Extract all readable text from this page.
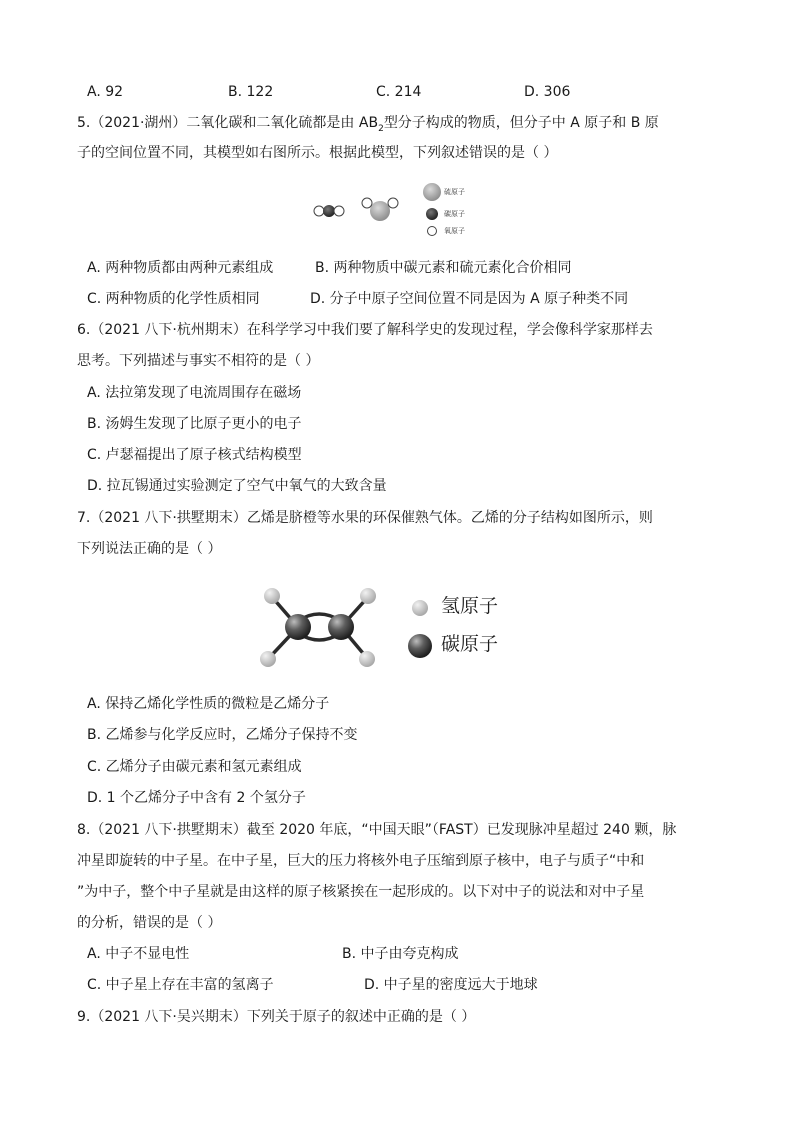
A. 92	B. 122	C. 214	D. 306
5.（2021·湖州）二氧化碳和二氧化硫都是由 $AB_2$型分子构成的物质，但分子中 A 原子和 B 原
子的空间位置不同，其模型如右图所示。根据此模型，下列叙述错误的是（ ）
硫原子
碳原子
氧原子
A. 两种物质都由两种元素组成	B. 两种物质中碳元素和硫元素化合价相同
C. 两种物质的化学性质相同	D. 分子中原子空间位置不同是因为 A 原子种类不同
6.（2021 八下·杭州期末）在科学学习中我们要了解科学史的发现过程，学会像科学家那样去
思考。下列描述与事实不相符的是（ ）
A. 法拉第发现了电流周围存在磁场
B. 汤姆生发现了比原子更小的电子
C. 卢瑟福提出了原子核式结构模型
D. 拉瓦锡通过实验测定了空气中氧气的大致含量
7.（2021 八下·拱墅期末）乙烯是脐橙等水果的环保催熟气体。乙烯的分子结构如图所示，则
下列说法正确的是（ ）
氢原子
碳原子
A. 保持乙烯化学性质的微粒是乙烯分子
B. 乙烯参与化学反应时，乙烯分子保持不变
C. 乙烯分子由碳元素和氢元素组成
D. 1 个乙烯分子中含有 2 个氢分子
8.（2021 八下·拱墅期末）截至 2020 年底，“中国天眼”（FAST）已发现脉冲星超过 240 颗，脉
冲星即旋转的中子星。在中子星，巨大的压力将核外电子压缩到原子核中，电子与质子“中和
”为中子，整个中子星就是由这样的原子核紧挨在一起形成的。以下对中子的说法和对中子星
的分析，错误的是（ ）
A. 中子不显电性	B. 中子由夸克构成
C. 中子星上存在丰富的氢离子	D. 中子星的密度远大于地球
9.（2021 八下·吴兴期末）下列关于原子的叙述中正确的是（ ）
